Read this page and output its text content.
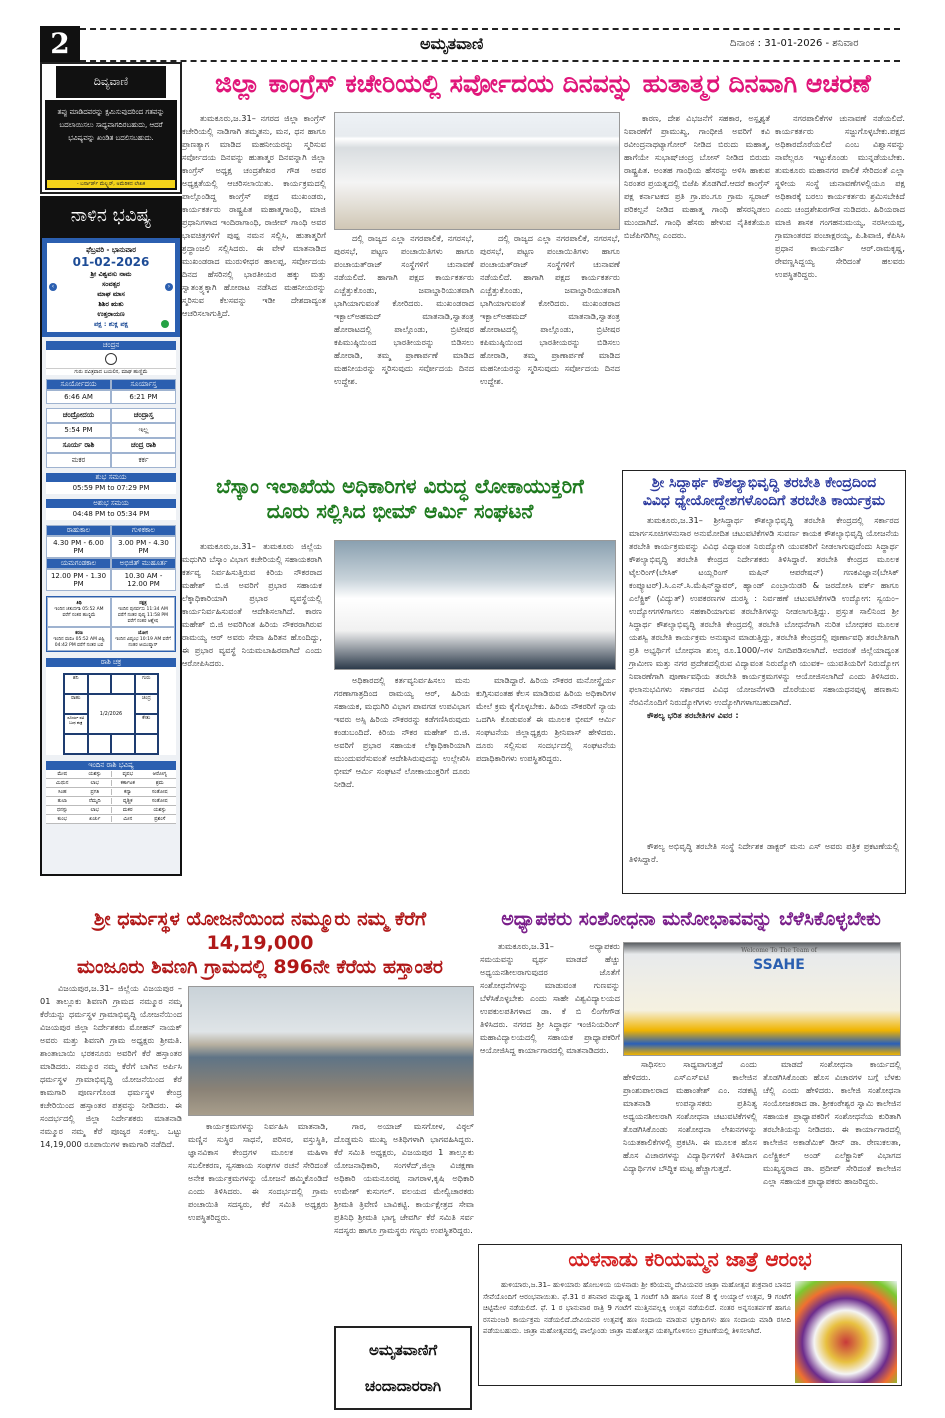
2	ಅಮೃತವಾಣಿ	ದಿನಾಂಕ : 31-01-2026 - ಶನಿವಾರ
ದಿವ್ಯವಾಣಿ
ತಪ್ಪು ಮಾಡಿದವರನ್ನು ಕ್ಷಮಿಸುವುದರಿಂದ ಗತವನ್ನು ಬದಲಾಯಿಸಲು ಸಾಧ್ಯವಾಗದಿರಬಹುದು, ಆದರೆ ಭವಿಷ್ಯವನ್ನು ಖಂಡಿತ ಬದಲಿಸಬಹುದು.
- ಬರ್ನಾರ್ಡ್ ಮೆಲ್ಟ್ಜರ್, ಅಮೆರಿಕದ ಲೇಖಕ
ನಾಳಿನ ಭವಿಷ್ಯ
ಫೆಬ್ರವರಿ - ಭಾನುವಾರ
01-02-2026
ಶ್ರೀ ವಿಶ್ವವಸು ನಾಮ
ಸಂವತ್ಸರ
ಮಾಘ ಮಾಸ
ಶಿಶಿರ ಋತು
ಉತ್ತರಾಯಣ
ಪಕ್ಷ : ಶುಕ್ಲ ಪಕ್ಷ
‹	›
ಚಂದ್ರನ
ಗುರು ಪವಿತ್ರವಾದ ಬಯಲಿನ, ಮಾಘ ಹುಣ್ಣಿಮೆ
ಸೂರ್ಯೋದಯ	ಸೂರ್ಯಾಸ್ತ
6:46 AM	6:21 PM
ಚಂದ್ರೋದಯ	ಚಂದ್ರಾಸ್ತ
5:54 PM	ಇಲ್ಲ
ಸೂರ್ಯ ರಾಶಿ	ಚಂದ್ರ ರಾಶಿ
ಮಕರ	ಕರ್ಕ
ಶುಭ ಸಮಯ
05:59 PM to 07:29 PM
ಅಶುಭ ಸಮಯ
04:48 PM to 05:34 PM
ರಾಹುಕಾಲ	ಗುಳಿಕಕಾಲ
4.30 PM - 6.00 PM
3.00 PM - 4.30 PM
ಯಮಗಂಡಕಾಲ	ಅಭಿಜಿತ್ ಮುಹೂರ್ತ
12.00 PM - 1.30 PM
10.30 AM - 12.00 PM
ತಿಥಿ
ಇಂದಿನ ಚತುರ್ದಶಿ 05:52 AM ವರೆಗೆ ನಂತರ ಹುಣ್ಣಿಮೆ
ನಕ್ಷತ್ರ
ಇಂದಿನ ಪುನರ್ವಸು 11:34 AM ವರೆಗೆ ನಂತರ ಪುಷ್ಯ 11:58 PM ವರೆಗೆ ನಂತರ ಆಶ್ಲೇಷ
ಕರಣ
ಇಂದಿನ ವಣಿಜ 05:52 AM ವಿಷ್ಟಿ 04:42 PM ವರೆಗೆ ನಂತರ ಬವ
ಯೋಗ
ಇಂದಿನ ವಿಷ್ಕಂಭ 10:19 AM ವರೆಗೆ ನಂತರ ಆಯುಷ್ಮಾನ್
ರಾಶಿ ಚಕ್ರ
ಶನಿ	ಗುರು
ರಾಹು
1/2/2026
ಚಂದ್ರ
ಸೂರ್ಯ ರವಿ ಬುಧ ಶುಕ್ರ
ಕೇತು
ಇಂದಿನ ರಾಶಿ ಭವಿಷ್ಯ
ಮೇಷ	ಯಶಸ್ಸು	ವೃಷಭ	ಆರೋಗ್ಯ
ಮಿಥುನ	ಲಾಭ	ಕರ್ಕಾಟಕ	ಶ್ರಮ
ಸಿಂಹ	ಪ್ರಗತಿ	ಕನ್ಯಾ	ಸಂತೋಷ
ತುಲಾ	ನೆಮ್ಮದಿ	ವೃಶ್ಚಿಕ	ಸಂತೋಷ
ಧನಸ್ಸು	ಲಾಭ	ಮಕರ	ಯಶಸ್ಸು
ಕುಂಭ	ಖರ್ಚು	ಮೀನ	ಪ್ರಶಂಸೆ
ಜಿಲ್ಲಾ ಕಾಂಗ್ರೆಸ್ ಕಚೇರಿಯಲ್ಲಿ ಸರ್ವೋದಯ ದಿನವನ್ನು ಹುತಾತ್ಮರ ದಿನವಾಗಿ ಆಚರಣೆ

ತುಮಕೂರು,ಜ.31– ನಗರದ ಜಿಲ್ಲಾ ಕಾಂಗ್ರೆಸ್ ಕಚೇರಿಯಲ್ಲಿ ನಾಡಿಗಾಗಿ ತಮ್ಮತನು, ಮನ, ಧನ ಹಾಗೂ ಪ್ರಾಣತ್ಯಾಗ ಮಾಡಿದ ಮಹನೀಯರನ್ನು ಸ್ಮರಿಸುವ ಸರ್ವೋದಯ ದಿನವನ್ನು ಹುತಾತ್ಮರ ದಿನವನ್ನಾಗಿ ಜಿಲ್ಲಾ ಕಾಂಗ್ರೆಸ್ ಅಧ್ಯಕ್ಷ ಚಂದ್ರಶೇಖರ ಗೌಡ ಅವರ ಅಧ್ಯಕ್ಷತೆಯಲ್ಲಿ ಆಚರಿಸಲಾಯಿತು. ಕಾರ್ಯಕ್ರಮದಲ್ಲಿ ಪಾಲ್ಗೊಂಡಿದ್ದ ಕಾಂಗ್ರೆಸ್ ಪಕ್ಷದ ಮುಖಂಡರು, ಕಾರ್ಯಕರ್ತರು ರಾಷ್ಟ್ರಪಿತ ಮಹಾತ್ಮಗಾಂಧಿ, ಮಾಜಿ ಪ್ರಧಾನಿಗಳಾದ ಇಂದಿರಾಗಾಂಧಿ, ರಾಜೀವ್ ಗಾಂಧಿ ಅವರ ಭಾವಚಿತ್ರಗಳಿಗೆ ಪುಷ್ಪ ನಮನ ಸಲ್ಲಿಸಿ, ಹುತಾತ್ಮರಿಗೆ ಶ್ರದ್ಧಾಂಜಲಿ ಸಲ್ಲಿಸಿದರು. ಈ ವೇಳೆ ಮಾತನಾಡಿದ ಮುಖಂಡರಾದ ಮುರುಳೀಧರ ಹಾಲಪ್ಪ, ಸರ್ವೋದಯ ದಿನದ ಹೆಸರಿನಲ್ಲಿ ಭಾರತೀಯರ ಹಕ್ಕು ಮತ್ತು ಸ್ವಾತಂತ್ರ್ಯಕ್ಕಾಗಿ ಹೋರಾಟ ನಡೆಸಿದ ಮಹನೀಯರನ್ನು ಸ್ಮರಿಸುವ ಕೆಲಸವನ್ನು ಇಡೀ ದೇಶದಾದ್ಯಂತ ಆಚರಿಸಲಾಗುತ್ತಿದೆ.

ದಲ್ಲಿ ರಾಜ್ಯದ ಎಲ್ಲಾ ನಗರಪಾಲಿಕೆ, ನಗರಸಭೆ, ಪುರಸಭೆ, ಪಟ್ಟಣ ಪಂಚಾಯಿತಿಗಳು ಹಾಗೂ ಪಂಚಾಯತ್‌ರಾಜ್ ಸಂಸ್ಥೆಗಳಿಗೆ ಚುನಾವಣೆ ನಡೆಯಲಿದೆ. ಹಾಗಾಗಿ ಪಕ್ಷದ ಕಾರ್ಯಕರ್ತರು ಎಚ್ಚೆತ್ತುಕೊಂಡು, ಜವಾಬ್ದಾರಿಯುತವಾಗಿ ಭಾಗಿಯಾಗುವಂತೆ ಕೋರಿದರು. ಮುಖಂಡರಾದ ಇಕ್ಬಾಲ್‌ಅಹಮದ್ ಮಾತನಾಡಿ,ಸ್ವಾತಂತ್ರ ಹೋರಾಟದಲ್ಲಿ ಪಾಲ್ಗೊಂಡು, ಬ್ರಿಟೀಷರ ಕಪಿಮುಷ್ಠಿಯಿಂದ ಭಾರತೀಯರನ್ನು ಬಿಡಿಸಲು ಹೋರಾಡಿ, ತಮ್ಮ ಪ್ರಾಣಾರ್ಪಣೆ ಮಾಡಿದ ಮಹನೀಯರನ್ನು ಸ್ಮರಿಸುವುದು ಸರ್ವೋದಯ ದಿನದ ಉದ್ದೇಶ.

ದಲ್ಲಿ ರಾಜ್ಯದ ಎಲ್ಲಾ ನಗರಪಾಲಿಕೆ, ನಗರಸಭೆ, ಪುರಸಭೆ, ಪಟ್ಟಣ ಪಂಚಾಯಿತಿಗಳು ಹಾಗೂ ಪಂಚಾಯತ್‌ರಾಜ್ ಸಂಸ್ಥೆಗಳಿಗೆ ಚುನಾವಣೆ ನಡೆಯಲಿದೆ. ಹಾಗಾಗಿ ಪಕ್ಷದ ಕಾರ್ಯಕರ್ತರು ಎಚ್ಚೆತ್ತುಕೊಂಡು, ಜವಾಬ್ದಾರಿಯುತವಾಗಿ ಭಾಗಿಯಾಗುವಂತೆ ಕೋರಿದರು. ಮುಖಂಡರಾದ ಇಕ್ಬಾಲ್‌ಅಹಮದ್ ಮಾತನಾಡಿ,ಸ್ವಾತಂತ್ರ ಹೋರಾಟದಲ್ಲಿ ಪಾಲ್ಗೊಂಡು, ಬ್ರಿಟೀಷರ ಕಪಿಮುಷ್ಠಿಯಿಂದ ಭಾರತೀಯರನ್ನು ಬಿಡಿಸಲು ಹೋರಾಡಿ, ತಮ್ಮ ಪ್ರಾಣಾರ್ಪಣೆ ಮಾಡಿದ ಮಹನೀಯರನ್ನು ಸ್ಮರಿಸುವುದು ಸರ್ವೋದಯ ದಿನದ ಉದ್ದೇಶ.

ಕಾರಣ, ದೇಶ ವಿಭಜನೆಗೆ ಸಹಕಾರ, ಅಸ್ಪೃಶ್ಯತೆ ನಿವಾರಣೆಗೆ ಪ್ರಾಮುಖ್ಯ, ಗಾಂಧೀಜಿ ಅವರಿಗೆ ಕವಿ ರವೀಂದ್ರನಾಥಟ್ಯಾಗೋರ್ ನೀಡಿದ ಬಿರುದು ಮಹಾತ್ಮ, ಹಾಗೆಯೇ ಸುಭಾಷ್‌ಚಂದ್ರ ಬೋಸ್ ನೀಡಿದ ಬಿರುದು ರಾಷ್ಟ್ರಪಿತ. ಅಂತಹ ಗಾಂಧಿಯ ಹೆಸರನ್ನು ಅಳಿಸಿ ಹಾಕುವ ನಿರಂತರ ಪ್ರಯತ್ನದಲ್ಲಿ ಬಿಜೆಪಿ ತೊಡಗಿದೆ.ಆದರೆ ಕಾಂಗ್ರೆಸ್ ಪಕ್ಷ ಕರ್ನಾಟಕದ ಪ್ರತಿ ಗ್ರಾ.ಪಂ.ಗೂ ಗ್ರಾಮ ಸ್ವರಾಜ್ ಪರಿಕಲ್ಪನೆ ನೀಡಿದ ಮಹಾತ್ಮ ಗಾಂಧಿ ಹೆಸರನ್ನಿಡಲು ಮುಂದಾಗಿದೆ. ಗಾಂಧಿ ಹೆಸರು ಹೇಳುವ ನೈತಿಕತೆಯೂ ಬಿಜೆಪಿಗರಿಗಿಲ್ಲ ಎಂದರು.

ನಗರಪಾಲಿಕೆಗಳ ಚುನಾವಣೆ ನಡೆಯಲಿದೆ. ಕಾರ್ಯಕರ್ತರು ಸಜ್ಜುಗೊಳ್ಳಬೇಕು.ಪಕ್ಷದ ಅಧಿಕಾರದೊರೆಯಲಿದೆ ಎಂಬ ವಿಶ್ವಾಸವನ್ನು ನಾವೆಲ್ಲರೂ ಇಟ್ಟುಕೊಂಡು ಮುನ್ನಡೆಯಬೇಕು. ತುಮಕೂರು ಮಹಾನಗರ ಪಾಲಿಕೆ ಸೇರಿದಂತೆ ಎಲ್ಲಾ ಸ್ಥಳೀಯ ಸಂಸ್ಥೆ ಚುನಾವಣೆಗಳಲ್ಲಿಯೂ ಪಕ್ಷ ಅಧಿಕಾರಕ್ಕೆ ಬರಲು ಕಾರ್ಯಕರ್ತರು ಶ್ರಮಿಸಬೇಕಿದೆ ಎಂದು ಚಂದ್ರಶೇಖರಗೌಡ ನುಡಿದರು. ಹಿರಿಯರಾದ ಮಾಜಿ ಶಾಸಕ ಗಂಗಹನುಮಯ್ಯ, ನರಸೀಯಪ್ಪ, ಗ್ರಾಮಾಂತರದ ಪಂಚಾಕ್ಷರಯ್ಯ, ಪಿ.ಶಿವಾಜಿ, ಕೆಪಿಸಿಸಿ ಪ್ರಧಾನ ಕಾರ್ಯದರ್ಶಿ ಆರ್.ರಾಮಕೃಷ್ಣ, ರೇವಣ್ಣಸಿದ್ದಯ್ಯ ಸೇರಿದಂತೆ ಹಲವರು ಉಪಸ್ಥಿತರಿದ್ದರು.

ಬೆಸ್ಕಾಂ ಇಲಾಖೆಯ ಅಧಿಕಾರಿಗಳ ವಿರುದ್ಧ ಲೋಕಾಯುಕ್ತರಿಗೆ
ದೂರು ಸಲ್ಲಿಸಿದ ಭೀಮ್ ಆರ್ಮಿ ಸಂಘಟನೆ

ತುಮಕೂರು,ಜ.31– ತುಮಕೂರು ಜಿಲ್ಲೆಯ ಮಧುಗಿರಿ ಬೆಸ್ಕಾಂ ವಿಭಾಗ ಕಚೇರಿಯಲ್ಲಿ ಸಹಾಯಕರಾಗಿ ಕರ್ತವ್ಯ ನಿರ್ವಹಿಸುತ್ತಿರುವ ಕಿರಿಯ ನೌಕರರಾದ ಮಹೇಶ್ ಬಿ.ಜಿ ಅವರಿಗೆ ಪ್ರಭಾರ ಸಹಾಯಕ ಲೆಕ್ಕಾಧಿಕಾರಿಯಾಗಿ ಪ್ರಭಾರ ವ್ಯವಸ್ಥೆಯಲ್ಲಿ ಕಾರ್ಯನಿರ್ವಹಿಸುವಂತೆ ಆದೇಶಿಸಲಾಗಿದೆ. ಕಾರಣ ಮಹೇಶ್ ಬಿ.ಜಿ ಅವರಿಗಿಂತ ಹಿರಿಯ ನೌಕರರಾಗಿರುವ ರಾಮಯ್ಯ ಆರ್ ಅವರು ಸೇವಾ ಹಿರಿತನ ಹೊಂದಿದ್ದು, ಈ ಪ್ರಭಾರ ವ್ಯವಸ್ಥೆ ನಿಯಮಬಾಹಿರವಾಗಿದೆ ಎಂದು ಆರೋಪಿಸಿದರು.

ಅಧಿಕಾರದಲ್ಲಿ ಕರ್ತವ್ಯನಿರ್ವಹಿಸಲು ಮನು ಗರಣಾಗಾತ್ರದಿಂದ ರಾಮಯ್ಯ ಆರ್, ಹಿರಿಯ ಸಹಾಯಕ, ಮಧುಗಿರಿ ವಿಭಾಗ ಪಾವಗಡ ಉಪವಿಭಾಗ ಇವರು ಅಸ್ಸಿ ಹಿರಿಯ ನೌಕರರನ್ನು ಕಡೆಗಣಿಸಿರುವುದು ಕಂಡುಬಂದಿದೆ. ಕಿರಿಯ ನೌಕರ ಮಹೇಶ್ ಬಿ.ಜಿ. ಅವರಿಗೆ ಪ್ರಭಾರ ಸಹಾಯಕ ಲೆಕ್ಕಾಧಿಕಾರಿಯಾಗಿ ಮುಂದುವರೆಸುವಂತೆ ಆದೇಶಿಸಿರುವುದನ್ನು ಉಲ್ಲೇಖಿಸಿ ಭೀಮ್ ಆರ್ಮಿ ಸಂಘಟನೆ ಲೋಕಾಯುಕ್ತರಿಗೆ ದೂರು ನೀಡಿದೆ.

ಮಾಡಿದ್ದಾರೆ. ಹಿರಿಯ ನೌಕರರ ಮನೋಸ್ಥೈರ್ಯ ಕುಗ್ಗಿಸುವಂತಹ ಕೆಲಸ ಮಾಡಿರುವ ಹಿರಿಯ ಅಧಿಕಾರಿಗಳ ಮೇಲೆ ಕ್ರಮ ಕೈಗೊಳ್ಳಬೇಕು. ಹಿರಿಯ ನೌಕರರಿಗೆ ನ್ಯಾಯ ಒದಗಿಸಿ ಕೊಡುವಂತೆ ಈ ಮೂಲಕ ಭೀಮ್ ಆರ್ಮಿ ಸಂಘಟನೆಯ ಜಿಲ್ಲಾಧ್ಯಕ್ಷರು ಶ್ರೀನಿವಾಸ್ ಹೇಳಿದರು. ದೂರು ಸಲ್ಲಿಸುವ ಸಂದರ್ಭದಲ್ಲಿ ಸಂಘಟನೆಯ ಪದಾಧಿಕಾರಿಗಳು ಉಪಸ್ಥಿತರಿದ್ದರು.

ಶ್ರೀ ಸಿದ್ಧಾರ್ಥ ಕೌಶಲ್ಯಾಭಿವೃದ್ಧಿ ತರಬೇತಿ ಕೇಂದ್ರದಿಂದ
ವಿವಿಧ ಧ್ಯೇಯೋದ್ದೇಶಗಳೊಂದಿಗೆ ತರಬೇತಿ ಕಾರ್ಯಕ್ರಮ

ತುಮಕೂರು,ಜ.31– ಶ್ರೀಸಿದ್ಧಾರ್ಥ ಕೌಶಲ್ಯಾಭಿವೃದ್ಧಿ ತರಬೇತಿ ಕೇಂದ್ರದಲ್ಲಿ ಸರ್ಕಾರದ ಮಾರ್ಗಸೂಚಿಗಳನುಸಾರ ಅನುಮೋದಿತ ಚಟುವಟಿಕೆಗಳಡಿ ಸುವರ್ಣ ಕಾಯಕ ಕೌಶಲ್ಯಾಭಿವೃದ್ಧಿ ಯೋಜನೆಯ ತರಬೇತಿ ಕಾರ್ಯಕ್ರಮವನ್ನು ವಿವಿಧ ವಿದ್ಯಾವಂತ ನಿರುದ್ಯೋಗಿ ಯುವಕರಿಗೆ ನೀಡಲಾಗುವುದೆಂದು ಸಿದ್ಧಾರ್ಥ ಕೌಶಲ್ಯಾಭಿವೃದ್ಧಿ ತರಬೇತಿ ಕೇಂದ್ರದ ನಿರ್ದೇಶಕರು ತಿಳಿಸಿದ್ದಾರೆ. ತರಬೇತಿ ಕೇಂದ್ರದ ಮೂಲಕ ಟೈಲರಿಂಗ್(ಬೇಸಿಕ್ ಟಯ್ಲರಿಂಗ್ ಮಷಿನ್ ಆಪರೇಷನ್) ಗಣಕವಿಜ್ಞಾನ(ಬೇಸಿಕ್ ಕಂಪ್ಯೂಟರ್).ಸಿ.ಎನ್.ಸಿ.ಮೆಷಿನ್‌ಸ್ಟ್ರಾವರ್, ಹ್ಯಾಂಡ್ ಎಂಬ್ರಾಯಿಡರಿ & ಜರದೋಸಿ ವರ್ಕ್ ಹಾಗೂ ಎಲೆಕ್ಟ್ರಿಕ್ (ವಿದ್ಯುತ್) ಉಪಕರಣಗಳ ದುರಸ್ಥಿ : ನಿರ್ವಹಣೆ ಚಟುವಟಿಕೆಗಳಡಿ ಉದ್ಯೋಗ: ಸ್ವಯಂ–ಉದ್ಯೋಗಗಳಿಗಾಗಲು ಸಹಕಾರಿಯಾಗುವ ತರಬೇತಿಗಳನ್ನು ನೀಡಲಾಗುತ್ತಿದ್ದು. ಪ್ರಸ್ತುತ ಸಾಲಿನಿಂದ ಶ್ರೀ ಸಿದ್ಧಾರ್ಥ ಕೌಶಲ್ಯಾಭಿವೃದ್ಧಿ ತರಬೇತಿ ಕೇಂದ್ರದಲ್ಲಿ ತರಬೇತಿ ಬೋಧನೆಗಾಗಿ ನುರಿತ ಬೋಧಕರ ಮೂಲಕ ಯಶಸ್ವಿ ತರಬೇತಿ ಕಾರ್ಯಕ್ರಮ ಅನುಷ್ಠಾನ ಮಾಡುತ್ತಿದ್ದು, ತರಬೇತಿ ಕೇಂದ್ರದಲ್ಲಿ ಪೂರ್ಣಾವಧಿ ತರಬೇತಿಗಾಗಿ ಪ್ರತಿ ಅಭ್ಯರ್ಥಿಗೆ ಬೋಧನಾ ಶುಲ್ಕ ರೂ.1000/–ಗಳ ನಿಗದಿಪಡಿಸಲಾಗಿದೆ. ಅದರಂತೆ ಜಿಲ್ಲೆಯಾದ್ಯಂತ ಗ್ರಾಮೀಣ ಮತ್ತು ನಗರ ಪ್ರದೇಶದಲ್ಲಿರುವ ವಿದ್ಯಾವಂತ ನಿರುದ್ಯೋಗಿ ಯುವಕ– ಯುವತಿಯರಿಗೆ ನಿರುದ್ಯೋಗ ನಿವಾರಣೆಗಾಗಿ ಪೂರ್ಣಾವಧಿಯ ತರಬೇತಿ ಕಾರ್ಯಕ್ರಮಗಳನ್ನು ಆಯೋಜಿಸಲಾಗಿದೆ ಎಂದು ತಿಳಿಸಿದರು. ಫಲಾನುಭವಿಗಳು ಸರ್ಕಾರದ ವಿವಿಧ ಯೋಜನೆಗಳಡಿ ದೊರೆಯುವ ಸಹಾಯಧನವುಳ್ಳ ಹಣಕಾಸು ನೆರವಿನೊಂದಿಗೆ ನಿರುದ್ಯೋಗಿಗಳು ಉದ್ಯೋಗಿಗಳಾಗಬಹುದಾಗಿದೆ.

ಕೌಶಲ್ಯ ಭರಿತ ತರಬೇತಿಗಳ ವಿವರ :

ಕೌಶಲ್ಯ ಅಭಿವೃದ್ಧಿ ತರಬೇತಿ ಸಂಸ್ಥೆ ನಿರ್ದೇಶಕ ಡಾಕ್ಟರ್ ಮನು ಎಸ್ ಅವರು ಪತ್ರಿಕ ಪ್ರಕಟಣೆಯಲ್ಲಿ ತಿಳಿಸಿದ್ದಾರೆ.

ಶ್ರೀ ಧರ್ಮಸ್ಥಳ ಯೋಜನೆಯಿಂದ ನಮ್ಮೂರು ನಮ್ಮ ಕೆರೆಗೆ 14,19,000
ಮಂಜೂರು ಶಿವಣಗಿ ಗ್ರಾಮದಲ್ಲಿ 896ನೇ ಕೆರೆಯ ಹಸ್ತಾಂತರ

ವಿಜಯಪುರ,ಜ.31– ಜಿಲ್ಲೆಯ ವಿಜಯಪುರ –01 ತಾಲ್ಲೂಕು ಶಿವಣಗಿ ಗ್ರಾಮದ ನಮ್ಮೂರ ನಮ್ಮ ಕೆರೆಯನ್ನು ಧರ್ಮಸ್ಥಳ ಗ್ರಾಮಾಭಿವೃದ್ಧಿ ಯೋಜನೆಯಿಂದ ವಿಜಯಪುರ ಜಿಲ್ಲಾ ನಿರ್ದೇಶಕರು ಮೋಹನ್ ನಾಯಕ್ ಅವರು ಮತ್ತು ಶಿವಣಗಿ ಗ್ರಾಮ ಅಧ್ಯಕ್ಷರು ಶ್ರೀಮತಿ. ಶಾಂತಾಬಾಯಿ ಭರಕನೂರು ಅವರಿಗೆ ಕೆರೆ ಹಸ್ತಾಂತರ ಮಾಡಿದರು. ನಮ್ಮೂರ ನಮ್ಮ ಕೆರೆಗೆ ಬಾಗಿನ ಅರ್ಪಿಸಿ ಧರ್ಮಸ್ಥಳ ಗ್ರಾಮಾಭಿವೃದ್ಧಿ ಯೋಜನೆಯಿಂದ ಕೆರೆ ಕಾಮಗಾರಿ ಪೂರ್ಣಗೊಂಡ ಧರ್ಮಸ್ಥಳ ಕೇಂದ್ರ ಕಚೇರಿಯಿಂದ ಹಸ್ತಾಂತರ ಪತ್ರವನ್ನು ನೀಡಿದರು. ಈ ಸಂದರ್ಭದಲ್ಲಿ ಜಿಲ್ಲಾ ನಿರ್ದೇಶಕರು ಮಾತನಾಡಿ ನಮ್ಮೂರ ನಮ್ಮ ಕೆರೆ ಪೂಜ್ಯರ ಸಂಕಲ್ಪ. ಒಟ್ಟು 14,19,000 ರೂಪಾಯಿಗಳ ಕಾಮಗಾರಿ ನಡೆದಿದೆ.

ಕಾರ್ಯಕ್ರಮಗಳನ್ನು ನಿರ್ವಹಿಸಿ ಮಾತನಾಡಿ, ಮಣ್ಣಿನ ಸುಸ್ಥಿರ ಸಾಧನೆ, ಪರಿಸರ, ವಸ್ತುಸ್ಥಿತಿ, ಜ್ಞಾನವಿಕಾಸ ಕೇಂದ್ರಗಳ ಮೂಲಕ ಮಹಿಳಾ ಸಬಲೀಕರಣ, ಸ್ವಸಹಾಯ ಸಂಘಗಳ ರಚನೆ ಸೇರಿದಂತೆ ಅನೇಕ ಕಾರ್ಯಕ್ರಮಗಳನ್ನು ಯೋಜನೆ ಹಮ್ಮಿಕೊಂಡಿದೆ ಎಂದು ತಿಳಿಸಿದರು. ಈ ಸಂದರ್ಭದಲ್ಲಿ ಗ್ರಾಮ ಪಂಚಾಯಿತಿ ಸದಸ್ಯರು, ಕೆರೆ ಸಮಿತಿ ಅಧ್ಯಕ್ಷರು ಉಪಸ್ಥಿತರಿದ್ದರು.

ಗಾರ, ಅಯಾಜ್ ಮಸಗೋಳ, ವಿಠ್ಠಲ್ ದೊಡ್ಡಮನಿ ಮುಖ್ಯ ಅತಿಥಿಗಳಾಗಿ ಭಾಗವಹಿಸಿದ್ದರು. ಕೆರೆ ಸಮಿತಿ ಅಧ್ಯಕ್ಷರು, ವಿಜಯಪುರ 1 ತಾಲ್ಲೂಕು ಯೋಜನಾಧಿಕಾರಿ, ಸಂಗಳೆದ್,ಜಿಲ್ಲಾ ವಿಚಕ್ಷಣಾ ಅಧಿಕಾರಿ ಯಮನೂರಪ್ಪ ನಾಗರಾಳ,ಕೃಷಿ ಅಧಿಕಾರಿ ಉಮೇಶ್ ಕುಸುಗಲ್. ವಲಯದ ಮೇಲ್ವಿಚಾರಕರು ಶ್ರೀಮತಿ ತ್ರಿವೇಣಿ ಬಾವಿಕಟ್ಟಿ. ಕಾರ್ಯಕ್ಷೇತ್ರದ ಸೇವಾ ಪ್ರತಿನಿಧಿ ಶ್ರೀಮತಿ ಭಾಗ್ಯ ಜೇವರ್ಗಿ ಕೆರೆ ಸಮಿತಿ ಸರ್ವ ಸದಸ್ಯರು ಹಾಗೂ ಗ್ರಾಮಸ್ಥರು ಗಣ್ಯರು ಉಪಸ್ಥಿತರಿದ್ದರು.

ಅಮೃತವಾಣಿಗೆ
ಚಂದಾದಾರರಾಗಿ
ಅಧ್ಯಾಪಕರು ಸಂಶೋಧನಾ ಮನೋಭಾವವನ್ನು ಬೆಳೆಸಿಕೊಳ್ಳಬೇಕು

ತುಮಕೂರು,ಜ.31– ಅಧ್ಯಾಪಕರು ಸಮಯವನ್ನು ವ್ಯರ್ಥ ಮಾಡದೆ ಹೆಚ್ಚು ಅಧ್ಯಯನಶೀಲರಾಗುವುದರ ಜೊತೆಗೆ ಸಂಶೋಧನೆಗಳನ್ನು ಮಾಡುವಂತ ಗುಣವನ್ನು ಬೆಳೆಸಿಕೊಳ್ಳಬೇಕು ಎಂದು ಸಾಹೇ ವಿಶ್ವವಿದ್ಯಾಲಯದ ಉಪಕುಲಪತಿಗಳಾದ ಡಾ. ಕೆ ಬಿ ಲಿಂಗೇಗೌಡ ತಿಳಿಸಿದರು. ನಗರದ ಶ್ರೀ ಸಿದ್ಧಾರ್ಥ ಇಂಜಿನಿಯರಿಂಗ್ ಮಹಾವಿದ್ಯಾಲಯದಲ್ಲಿ ಸಹಾಯಕ ಪ್ರಾಧ್ಯಾಪಕರಿಗೆ ಆಯೋಜಿಸಿದ್ದ ಕಾರ್ಯಾಗಾರದಲ್ಲಿ ಮಾತನಾಡಿದರು.

Welcome To The Team of
SSAHE

ಸಾಧಿಸಲು ಸಾಧ್ಯವಾಗುತ್ತದೆ ಎಂದು ಹೇಳಿದರು. ಎಸ್‌ಎಸ್‌ಐಟಿ ಕಾಲೇಜಿನ ಪ್ರಾಂಶುಪಾಲರಾದ ಮಹಾಂತೇಶ್ ಎಂ. ನಡಕಟ್ಟಿ ಮಾತನಾಡಿ ಉಪನ್ಯಾಸಕರು ಪ್ರತಿನಿತ್ಯ ಅಧ್ಯಯನಶೀಲರಾಗಿ ಸಂಶೋಧನಾ ಚಟುವಟಿಕೆಗಳಲ್ಲಿ ತೊಡಗಿಸಿಕೊಂಡು ಸಂಶೋಧನಾ ಲೇಖನಗಳನ್ನು ನಿಯತಕಾಲಿಕೆಗಳಲ್ಲಿ ಪ್ರಕಟಿಸಿ. ಈ ಮೂಲಕ ಹೊಸ ಹೊಸ ವಿಚಾರಗಳನ್ನು ವಿದ್ಯಾರ್ಥಿಗಳಿಗೆ ತಿಳಿಸಿದಾಗ ವಿದ್ಯಾರ್ಥಿಗಳ ಬೌದ್ಧಿಕ ಮಟ್ಟ ಹೆಚ್ಚಾಗುತ್ತದೆ.

ಮಾಡದೆ ಸಂಶೋಧನಾ ಕಾರ್ಯದಲ್ಲಿ ತೊಡಗಿಸಿಕೊಂಡು ಹೊಸ ವಿಚಾರಗಳ ಬಗ್ಗೆ ಬೆಳಕು ಚೆಲ್ಲಿ ಎಂದು ಹೇಳಿದರು. ಕಾಲೇಜಿ ಸಂಶೋಧನಾ ಸಂಯೋಜಕರಾದ ಡಾ. ಶ್ರೀಕಂಠೇಶ್ವರ ಸ್ವಾಮಿ ಕಾಲೇಜಿನ ಸಹಾಯಕ ಪ್ರಾಧ್ಯಾಪಕರಿಗೆ ಸಂಶೋಧನೆಯ ಕುರಿತಾಗಿ ತರಬೇತಿಯನ್ನು ನೀಡಿದರು. ಈ ಕಾರ್ಯಾಗಾರದಲ್ಲಿ ಕಾಲೇಜಿನ ಅಕಾಡೆಮಿಕ್ ಡೀನ್ ಡಾ. ರೇಣುಕಲತಾ, ಎಲೆಕ್ಟ್ರಿಕಲ್ ಅಂಡ್ ಎಲೆಕ್ಟ್ರಾನಿಕ್ ವಿಭಾಗದ ಮುಖ್ಯಸ್ಥರಾದ ಡಾ. ಪ್ರದೀಪ್ ಸೇರಿದಂತೆ ಕಾಲೇಜಿನ ಎಲ್ಲಾ ಸಹಾಯಕ ಪ್ರಾಧ್ಯಾಪಕರು ಹಾಜರಿದ್ದರು.

ಯಳನಾಡು ಕರಿಯಮ್ಮನ ಜಾತ್ರೆ ಆರಂಭ

ಹುಳಿಯಾರು,ಜ.31– ಹುಳಿಯಾರು ಹೋಬಳಿಯ ಯಳನಾಡು ಶ್ರೀ ಕರಿಯಮ್ಮ ದೇವಿಯವರ ಜಾತ್ರಾ ಮಹೋತ್ಸವ ಶುಕ್ರವಾರ ಬಾನದ ಸೇವೆಯೊಂದಿಗೆ ಆರಂಭವಾಯಿತು. ಫೆ.31 ರ ಶನಿವಾರ ಮಧ್ಯಾಹ್ನ 1 ಗಂಟೆಗೆ ಸಿಡಿ ಹಾಗೂ ಸಂಜೆ 8 ಕ್ಕೆ ಉಯ್ಯಾಲೆ ಉತ್ಸವ, 9 ಗಂಟೆಗೆ ಚಿಟ್ಟಿಮೇಳ ನಡೆಯಲಿದೆ. ಫೆ. 1 ರ ಭಾನುವಾರ ರಾತ್ರಿ 9 ಗಂಟೆಗೆ ಮುತ್ತಿನಪಲ್ಲಕ್ಕಿ ಉತ್ಸವ ನಡೆಯಲಿದೆ. ನಂತರ ಅನ್ನಸಂತರ್ಪಣೆ ಹಾಗೂ ರಸಮಂಜರಿ ಕಾರ್ಯಕ್ರಮ ನಡೆಯಲಿದೆ.ದೇವಿಯವರ ಉತ್ಸವಕ್ಕೆ ಹಣ ಸಂದಾಯ ಮಾಡುವ ಭಕ್ತಾದಿಗಳು ಹಣ ಸಂದಾಯ ಮಾಡಿ ರಸೀದಿ ಪಡೆಯಬಹುದು. ಜಾತ್ರಾ ಮಹೋತ್ಸವದಲ್ಲಿ ಪಾಲ್ಗೊಂಡು ಜಾತ್ರಾ ಮಹೋತ್ಸವ ಯಶಸ್ವಿಗೊಳಿಸಲು ಪ್ರಕಟಣೆಯಲ್ಲಿ ತಿಳಿಸಲಾಗಿದೆ.
